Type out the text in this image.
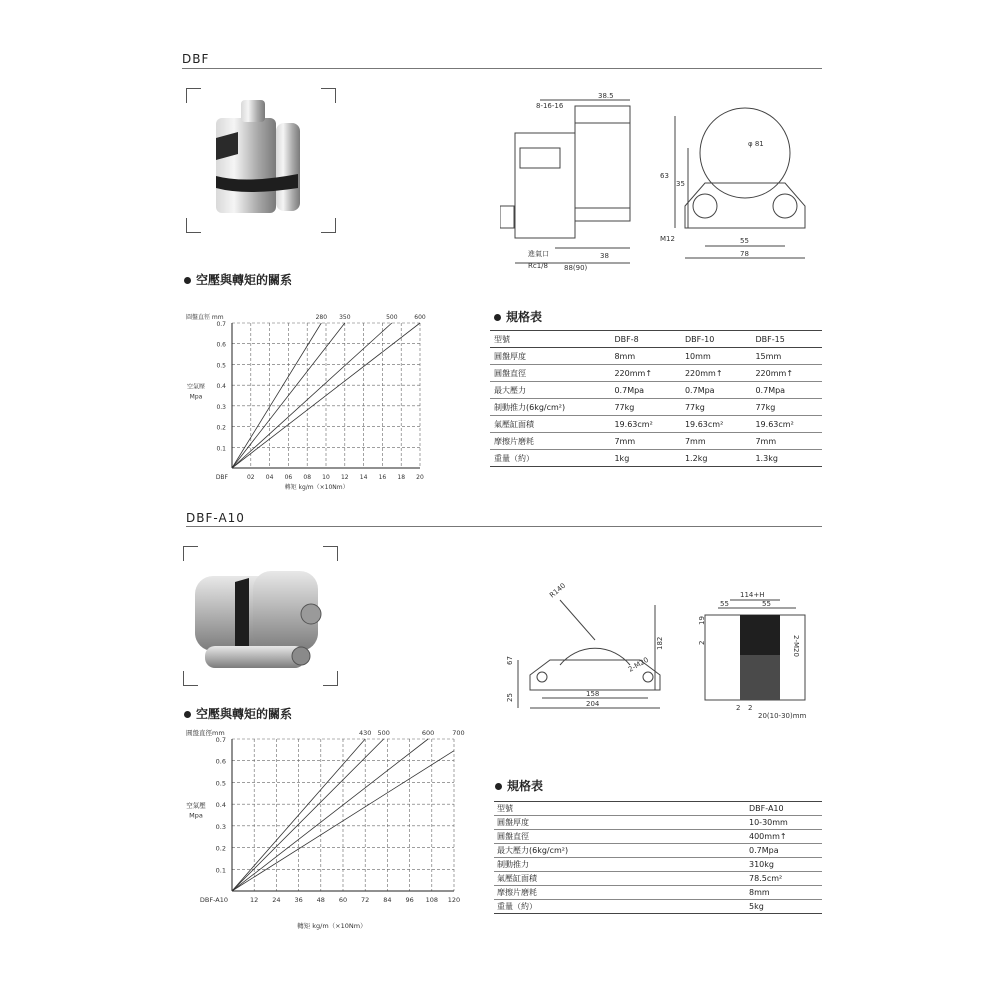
DBF
38.5
8-16-16
進氣口
Rc1/8
38
88(90)
63
35
φ 81
M12	55
78
空壓與轉矩的關系
02 04 06 08 10 12 14 16 18 20
0.1
0.2
0.3
0.4
0.5
0.6
0.7
DBF
280 350	500	600
圓盤直徑 mm
空氣壓
Mpa
轉矩 kg/m（×10Nm）
規格表
型號	DBF-8	DBF-10	DBF-15
圓盤厚度	8mm	10mm	15mm
圓盤直徑	220mm↑	220mm↑	220mm↑
最大壓力	0.7Mpa	0.7Mpa	0.7Mpa
制動推力(6kg/cm²)	77kg	77kg	77kg
氣壓缸面積	19.63cm²	19.63cm²	19.63cm²
摩擦片磨耗	7mm	7mm	7mm
重量（約）	1kg	1.2kg	1.3kg
DBF-A10
R140
182
67
25	158
204
2-M20
114+H
55	55
19
2
2 2
20(10-30)mm
2-M20
空壓與轉矩的關系
12 24 36 48 60 72 84 96 108 120
0.1
0.2
0.3
0.4
0.5
0.6
0.7
DBF-A10
430 500	600	700
圓盤直徑mm
空氣壓
Mpa
轉矩 kg/m（×10Nm）
規格表
型號	DBF-A10
圓盤厚度	10-30mm
圓盤直徑	400mm↑
最大壓力(6kg/cm²)	0.7Mpa
制動推力	310kg
氣壓缸面積	78.5cm²
摩擦片磨耗	8mm
重量（約）	5kg
